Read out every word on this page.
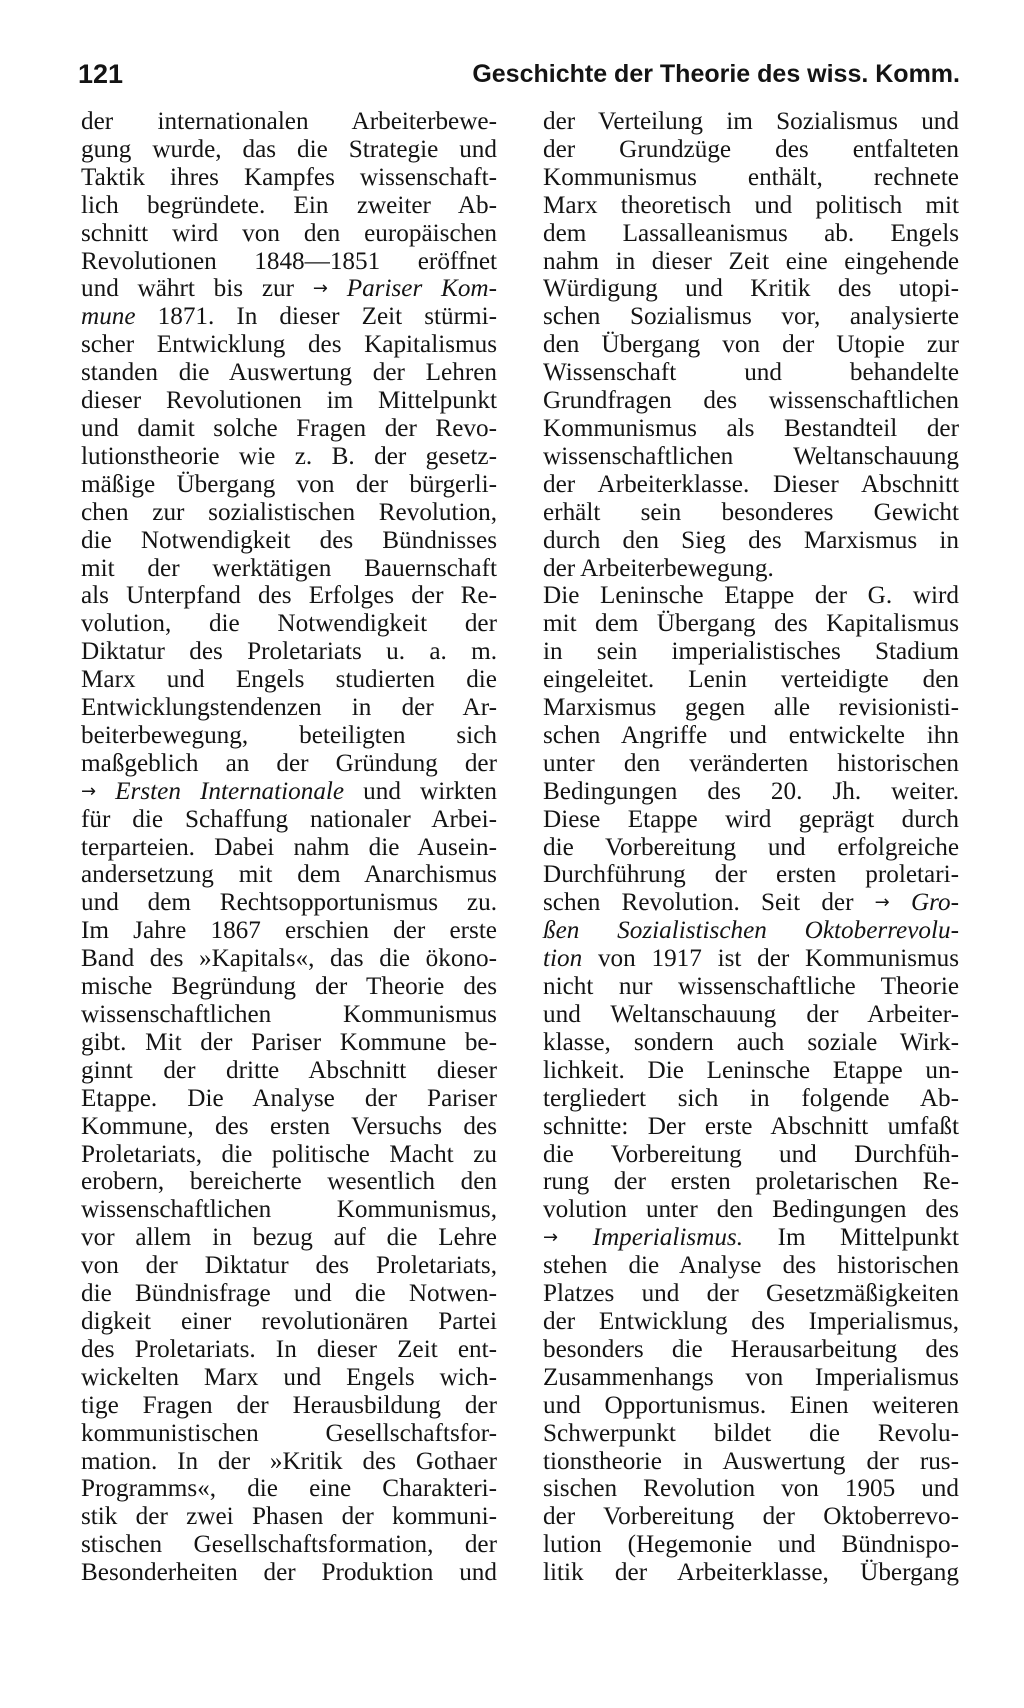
121	Geschichte der Theorie des wiss. Komm.

der internationalen Arbeiterbewe-

gung wurde, das die Strategie und

Taktik ihres Kampfes wissenschaft-

lich begründete. Ein zweiter Ab-

schnitt wird von den europäischen

Revolutionen 1848—1851 eröffnet

und währt bis zur → Pariser Kom-

mune 1871. In dieser Zeit stürmi-

scher Entwicklung des Kapitalismus

standen die Auswertung der Lehren

dieser Revolutionen im Mittelpunkt

und damit solche Fragen der Revo-

lutionstheorie wie z. B. der gesetz-

mäßige Übergang von der bürgerli-

chen zur sozialistischen Revolution,

die Notwendigkeit des Bündnisses

mit der werktätigen Bauernschaft

als Unterpfand des Erfolges der Re-

volution, die Notwendigkeit der

Diktatur des Proletariats u. a. m.

Marx und Engels studierten die

Entwicklungstendenzen in der Ar-

beiterbewegung, beteiligten sich

maßgeblich an der Gründung der

→ Ersten Internationale und wirkten

für die Schaffung nationaler Arbei-

terparteien. Dabei nahm die Ausein-

andersetzung mit dem Anarchismus

und dem Rechtsopportunismus zu.

Im Jahre 1867 erschien der erste

Band des »Kapitals«, das die ökono-

mische Begründung der Theorie des

wissenschaftlichen Kommunismus

gibt. Mit der Pariser Kommune be-

ginnt der dritte Abschnitt dieser

Etappe. Die Analyse der Pariser

Kommune, des ersten Versuchs des

Proletariats, die politische Macht zu

erobern, bereicherte wesentlich den

wissenschaftlichen Kommunismus,

vor allem in bezug auf die Lehre

von der Diktatur des Proletariats,

die Bündnisfrage und die Notwen-

digkeit einer revolutionären Partei

des Proletariats. In dieser Zeit ent-

wickelten Marx und Engels wich-

tige Fragen der Herausbildung der

kommunistischen Gesellschaftsfor-

mation. In der »Kritik des Gothaer

Programms«, die eine Charakteri-

stik der zwei Phasen der kommuni-

stischen Gesellschaftsformation, der

Besonderheiten der Produktion und

der Verteilung im Sozialismus und

der Grundzüge des entfalteten

Kommunismus enthält, rechnete

Marx theoretisch und politisch mit

dem Lassalleanismus ab. Engels

nahm in dieser Zeit eine eingehende

Würdigung und Kritik des utopi-

schen Sozialismus vor, analysierte

den Übergang von der Utopie zur

Wissenschaft und behandelte

Grundfragen des wissenschaftlichen

Kommunismus als Bestandteil der

wissenschaftlichen Weltanschauung

der Arbeiterklasse. Dieser Abschnitt

erhält sein besonderes Gewicht

durch den Sieg des Marxismus in

der Arbeiterbewegung.

Die Leninsche Etappe der G. wird

mit dem Übergang des Kapitalismus

in sein imperialistisches Stadium

eingeleitet. Lenin verteidigte den

Marxismus gegen alle revisionisti-

schen Angriffe und entwickelte ihn

unter den veränderten historischen

Bedingungen des 20. Jh. weiter.

Diese Etappe wird geprägt durch

die Vorbereitung und erfolgreiche

Durchführung der ersten proletari-

schen Revolution. Seit der → Gro-

ßen Sozialistischen Oktoberrevolu-

tion von 1917 ist der Kommunismus

nicht nur wissenschaftliche Theorie

und Weltanschauung der Arbeiter-

klasse, sondern auch soziale Wirk-

lichkeit. Die Leninsche Etappe un-

tergliedert sich in folgende Ab-

schnitte: Der erste Abschnitt umfaßt

die Vorbereitung und Durchfüh-

rung der ersten proletarischen Re-

volution unter den Bedingungen des

→ Imperialismus. Im Mittelpunkt

stehen die Analyse des historischen

Platzes und der Gesetzmäßigkeiten

der Entwicklung des Imperialismus,

besonders die Herausarbeitung des

Zusammenhangs von Imperialismus

und Opportunismus. Einen weiteren

Schwerpunkt bildet die Revolu-

tionstheorie in Auswertung der rus-

sischen Revolution von 1905 und

der Vorbereitung der Oktoberrevo-

lution (Hegemonie und Bündnispo-

litik der Arbeiterklasse, Übergang
